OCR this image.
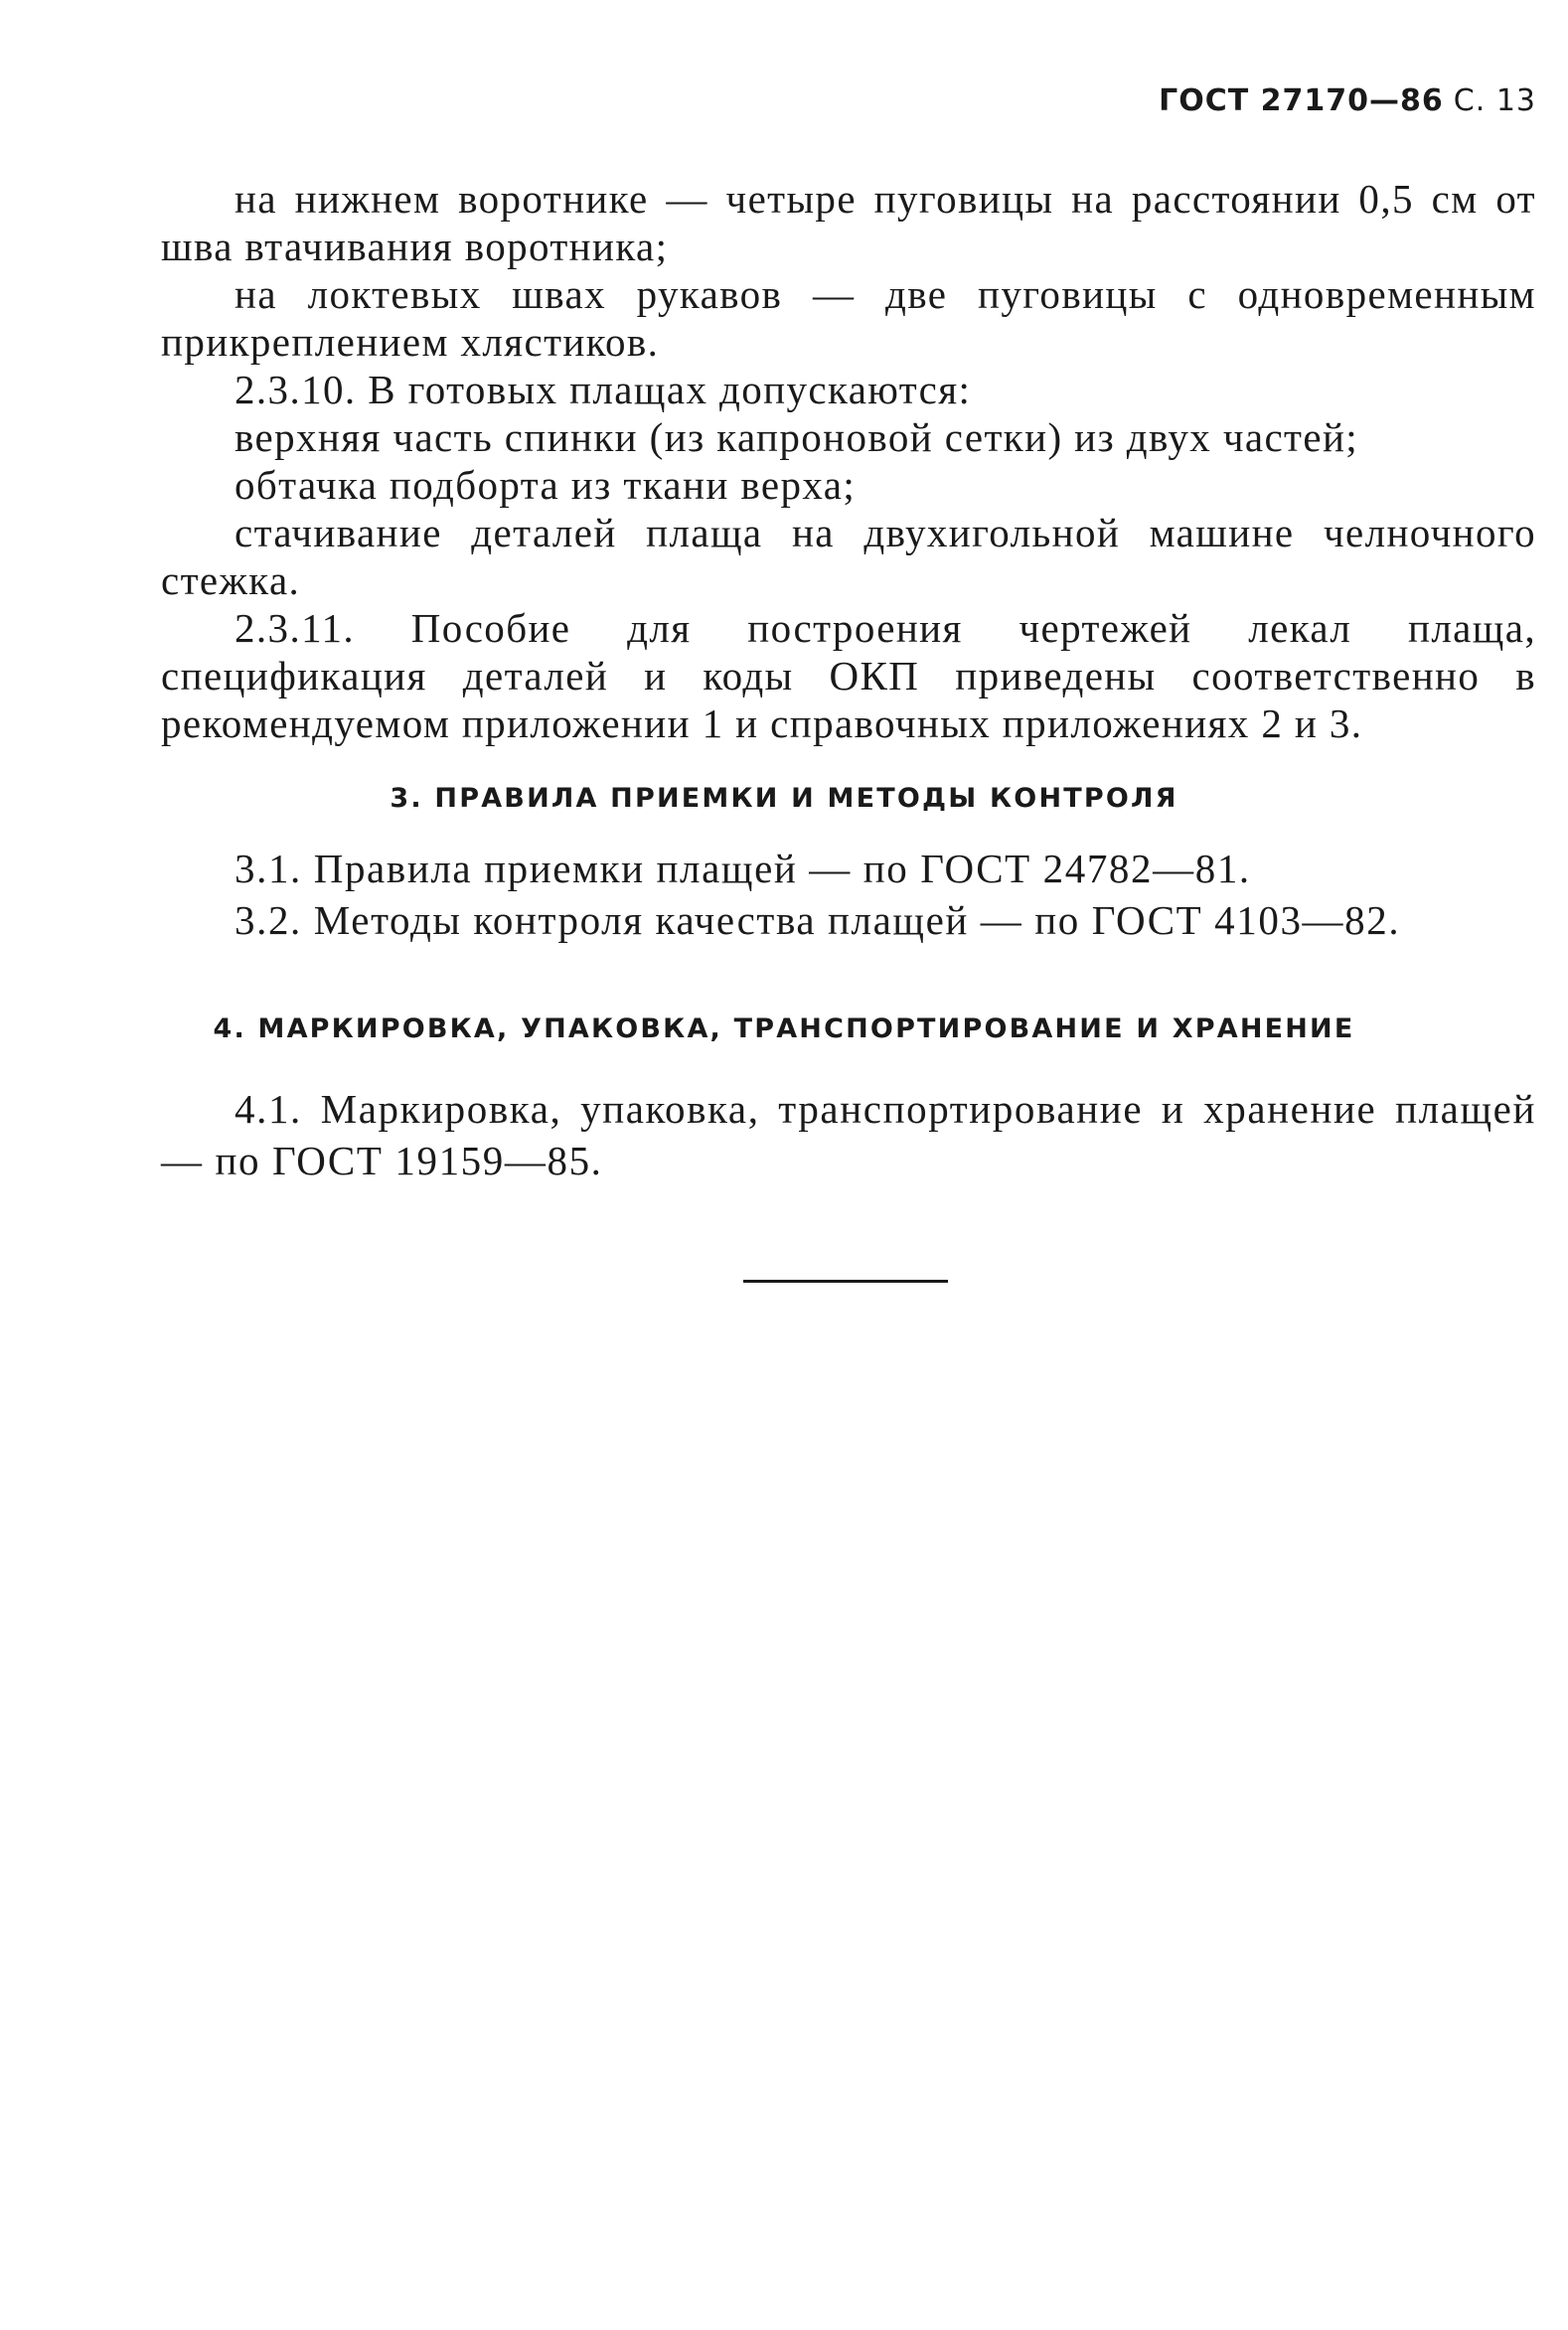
ГОСТ 27170—86 С. 13

на нижнем воротнике — четыре пуговицы на расстоянии 0,5 см от шва втачивания воротника;

на локтевых швах рукавов — две пуговицы с одновременным прикреплением хлястиков.

2.3.10. В готовых плащах допускаются:

верхняя часть спинки (из капроновой сетки) из двух частей;

обтачка подборта из ткани верха;

стачивание деталей плаща на двухигольной машине челночного стежка.

2.3.11. Пособие для построения чертежей лекал плаща, спецификация деталей и коды ОКП приведены соответственно в рекомендуемом приложении 1 и справочных приложениях 2 и 3.

3. ПРАВИЛА ПРИЕМКИ И МЕТОДЫ КОНТРОЛЯ

3.1. Правила приемки плащей — по ГОСТ 24782—81.

3.2. Методы контроля качества плащей — по ГОСТ 4103—82.

4. МАРКИРОВКА, УПАКОВКА, ТРАНСПОРТИРОВАНИЕ И ХРАНЕНИЕ

4.1. Маркировка, упаковка, транспортирование и хранение плащей — по ГОСТ 19159—85.
